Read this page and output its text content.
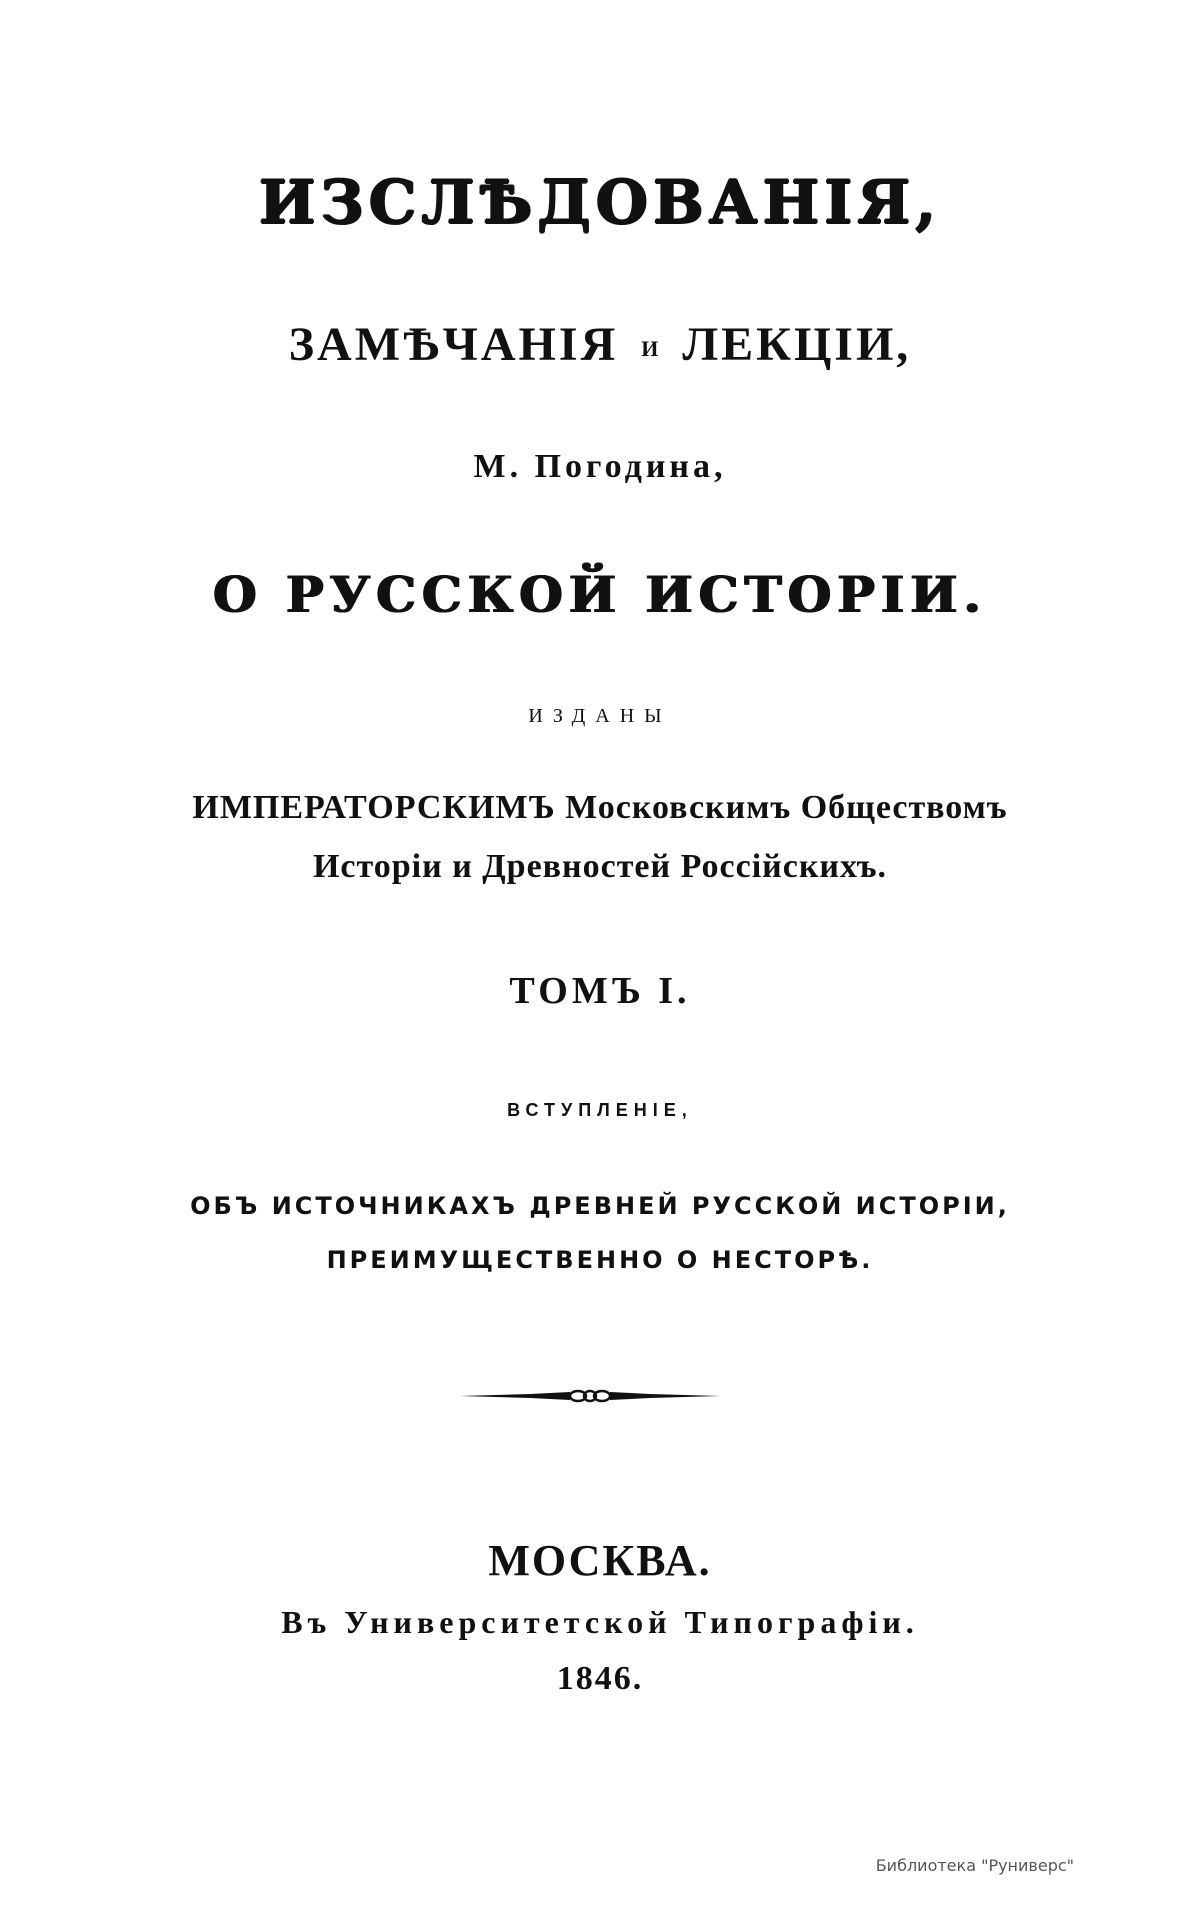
ИЗСЛѢДОВАНІЯ,
ЗАМѢЧАНІЯ И ЛЕКЦІИ,
М. Погодина,
О РУССКОЙ ИСТОРІИ.
ИЗДАНЫ
ИМПЕРАТОРСКИМЪ Московскимъ Обществомъ
Исторіи и Древностей Россійскихъ.
ТОМЪ I.
ВСТУПЛЕНІЕ,
ОБЪ ИСТОЧНИКАХЪ ДРЕВНЕЙ РУССКОЙ ИСТОРІИ,
ПРЕИМУЩЕСТВЕННО О НЕСТОРѢ.
МОСКВА.
Въ Университетской Типографіи.
1846.
Библиотека "Руниверс"
